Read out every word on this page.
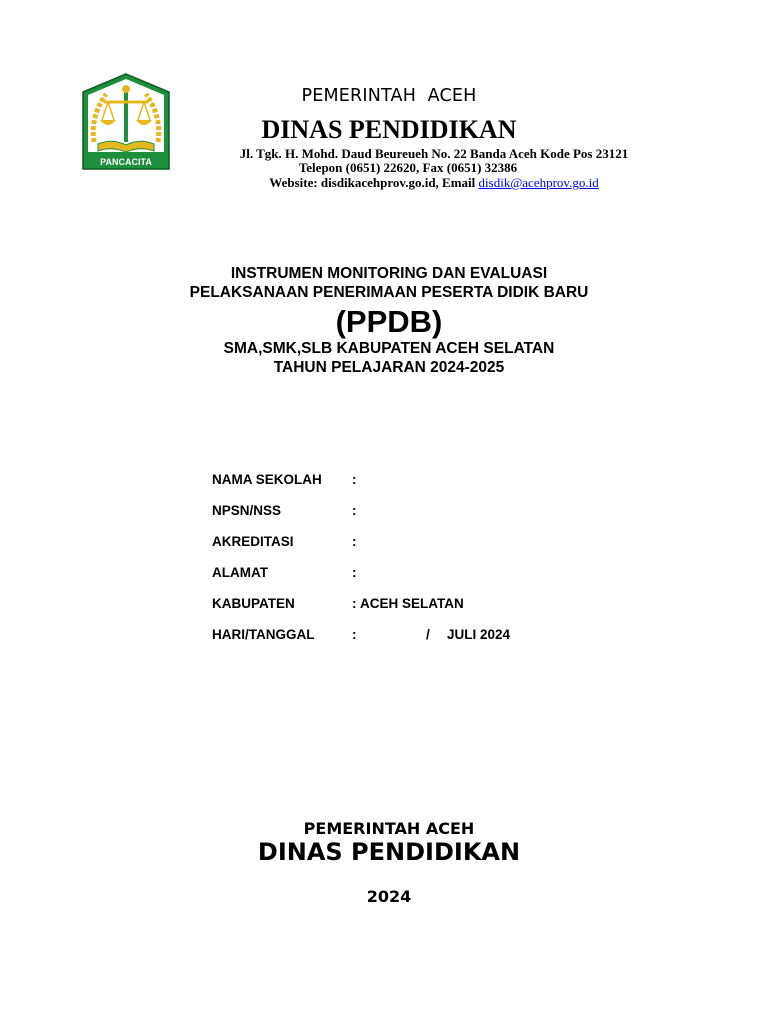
PANCACITA
PEMERINTAH  ACEH
DINAS PENDIDIKAN
Jl. Tgk. H. Mohd. Daud Beureueh No. 22 Banda Aceh Kode Pos 23121
Telepon (0651) 22620, Fax (0651) 32386
Website: disdikacehprov.go.id, Email disdik@acehprov.go.id
INSTRUMEN MONITORING DAN EVALUASI
PELAKSANAAN PENERIMAAN PESERTA DIDIK BARU
(PPDB)
SMA,SMK,SLB KABUPATEN ACEH SELATAN
TAHUN PELAJARAN 2024-2025
NAMA SEKOLAH :
NPSN/NSS	:
AKREDITASI	:
ALAMAT	:
KABUPATEN	: ACEH SELATAN
HARI/TANGGAL	:	/ JULI 2024
PEMERINTAH ACEH
DINAS PENDIDIKAN
2024
